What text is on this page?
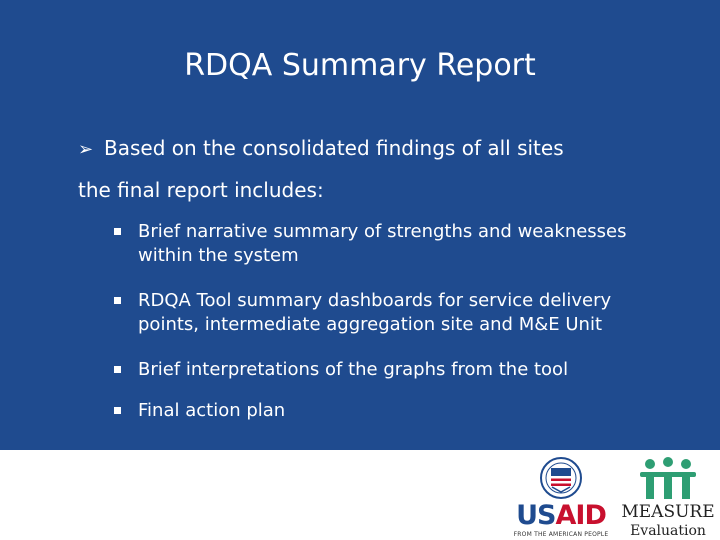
RDQA Summary Report
➢ Based on the consolidated findings of all sites
the final report includes:
Brief narrative summary of strengths and weaknesses
within the system
RDQA Tool summary dashboards for service delivery
points, intermediate aggregation site and M&E Unit
Brief interpretations of the graphs from the tool
Final action plan
USAID
FROM THE AMERICAN PEOPLE
MEASURE
Evaluation
